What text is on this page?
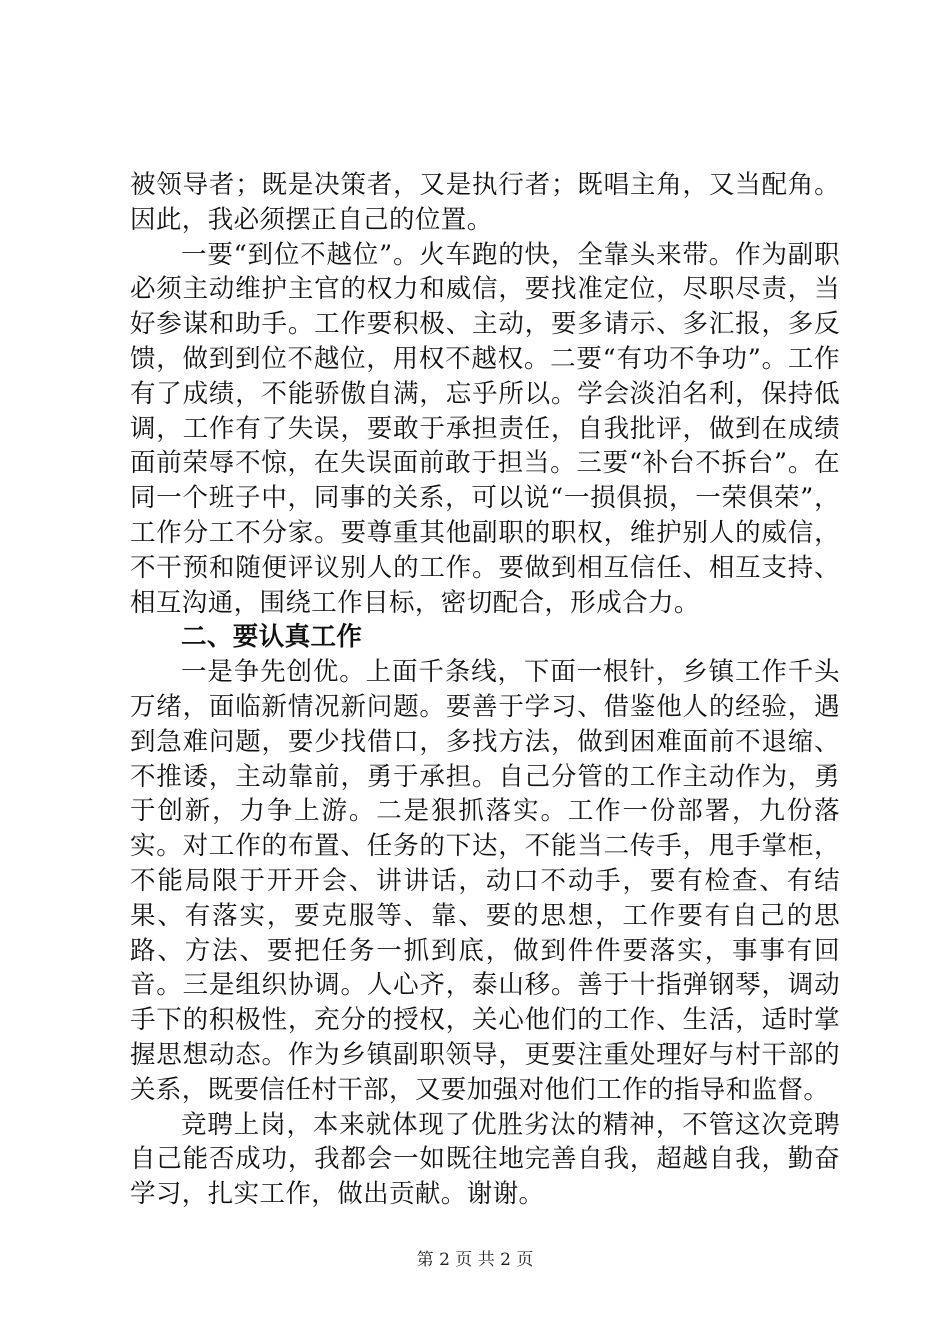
被领导者；既是决策者，又是执行者；既唱主角，又当配角。因此，我必须摆正自己的位置。

一要“到位不越位”。火车跑的快，全靠头来带。作为副职必须主动维护主官的权力和威信，要找准定位，尽职尽责，当好参谋和助手。工作要积极、主动，要多请示、多汇报，多反馈，做到到位不越位，用权不越权。二要“有功不争功”。工作有了成绩，不能骄傲自满，忘乎所以。学会淡泊名利，保持低调，工作有了失误，要敢于承担责任，自我批评，做到在成绩面前荣辱不惊，在失误面前敢于担当。三要“补台不拆台”。在同一个班子中，同事的关系，可以说“一损俱损，一荣俱荣”，工作分工不分家。要尊重其他副职的职权，维护别人的威信，不干预和随便评议别人的工作。要做到相互信任、相互支持、相互沟通，围绕工作目标，密切配合，形成合力。

二、要认真工作

一是争先创优。上面千条线，下面一根针，乡镇工作千头万绪，面临新情况新问题。要善于学习、借鉴他人的经验，遇到急难问题，要少找借口，多找方法，做到困难面前不退缩、不推诿，主动靠前，勇于承担。自己分管的工作主动作为，勇于创新，力争上游。二是狠抓落实。工作一份部署，九份落实。对工作的布置、任务的下达，不能当二传手，甩手掌柜，不能局限于开开会、讲讲话，动口不动手，要有检查、有结果、有落实，要克服等、靠、要的思想，工作要有自己的思路、方法、要把任务一抓到底，做到件件要落实，事事有回音。三是组织协调。人心齐，泰山移。善于十指弹钢琴，调动手下的积极性，充分的授权，关心他们的工作、生活，适时掌握思想动态。作为乡镇副职领导，更要注重处理好与村干部的关系，既要信任村干部，又要加强对他们工作的指导和监督。

竞聘上岗，本来就体现了优胜劣汰的精神，不管这次竞聘自己能否成功，我都会一如既往地完善自我，超越自我，勤奋学习，扎实工作，做出贡献。谢谢。

第 2 页 共 2 页
